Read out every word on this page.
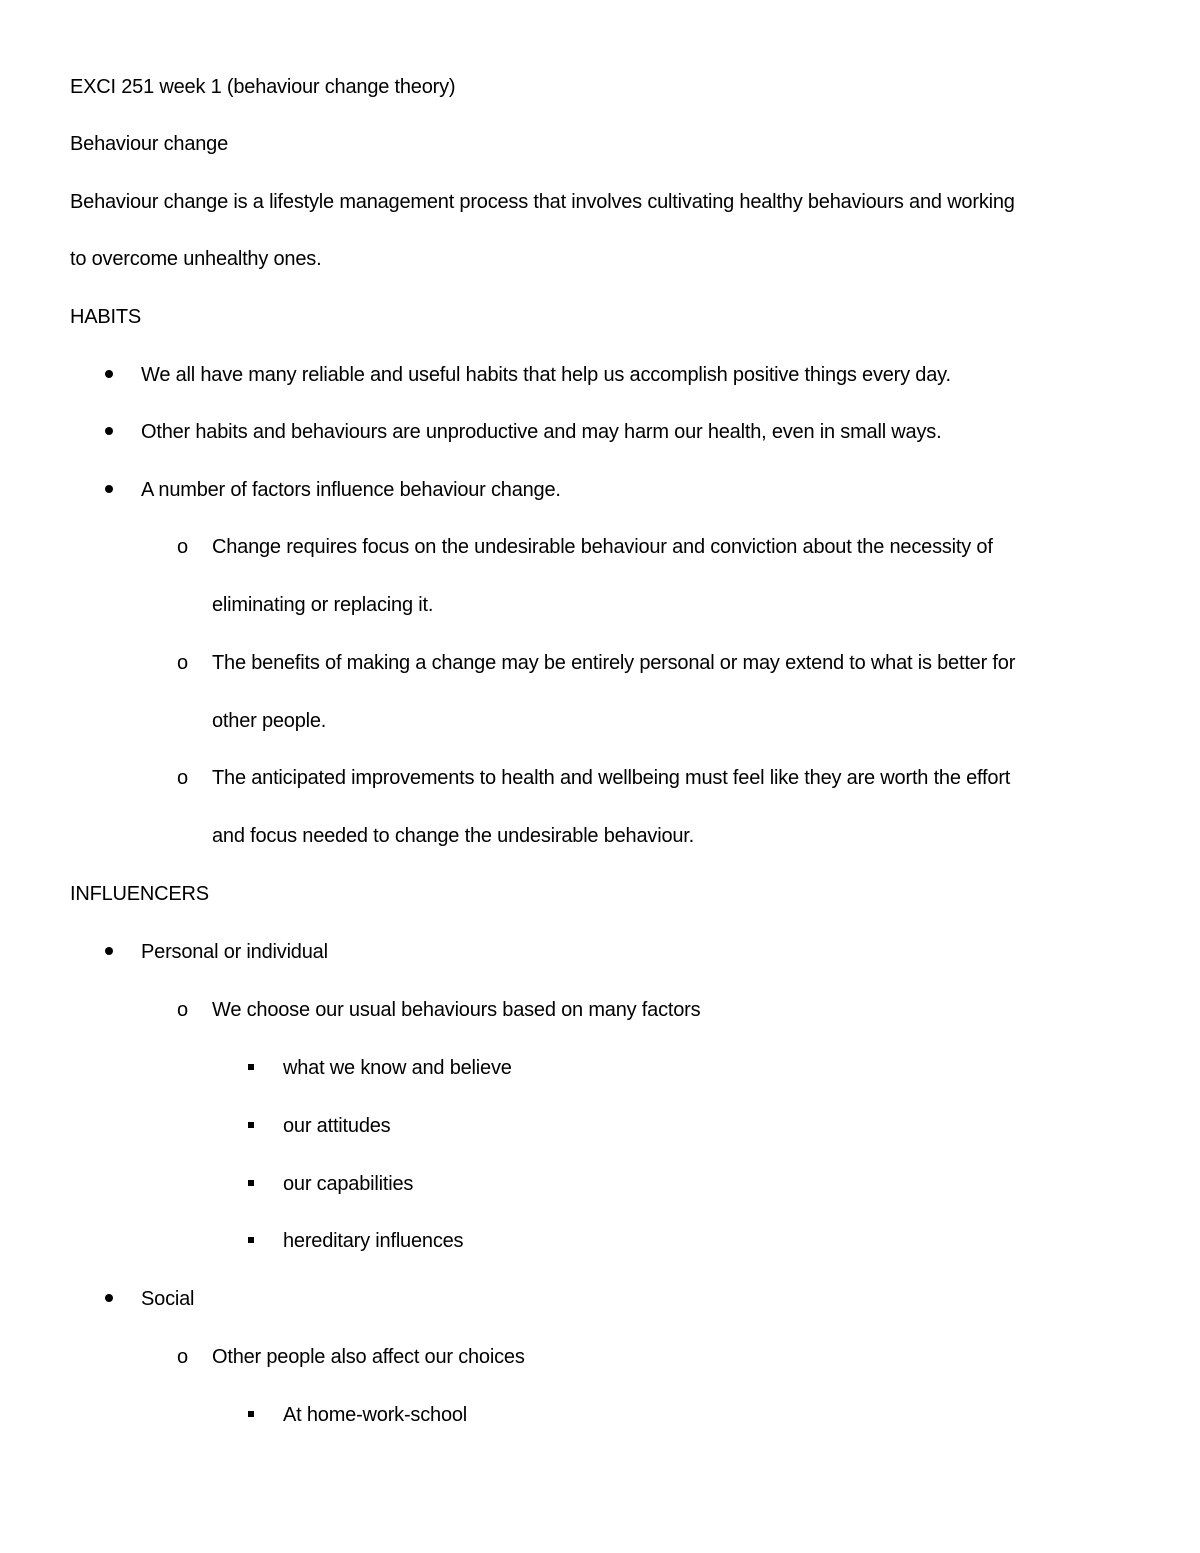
EXCI 251 week 1 (behaviour change theory)
Behaviour change
Behaviour change is a lifestyle management process that involves cultivating healthy behaviours and working
to overcome unhealthy ones.
HABITS
We all have many reliable and useful habits that help us accomplish positive things every day.
Other habits and behaviours are unproductive and may harm our health, even in small ways.
A number of factors influence behaviour change.
o Change requires focus on the undesirable behaviour and conviction about the necessity of
eliminating or replacing it.
o The benefits of making a change may be entirely personal or may extend to what is better for
other people.
o The anticipated improvements to health and wellbeing must feel like they are worth the effort
and focus needed to change the undesirable behaviour.
INFLUENCERS
Personal or individual
o We choose our usual behaviours based on many factors
what we know and believe
our attitudes
our capabilities
hereditary influences
Social
o Other people also affect our choices
At home-work-school
